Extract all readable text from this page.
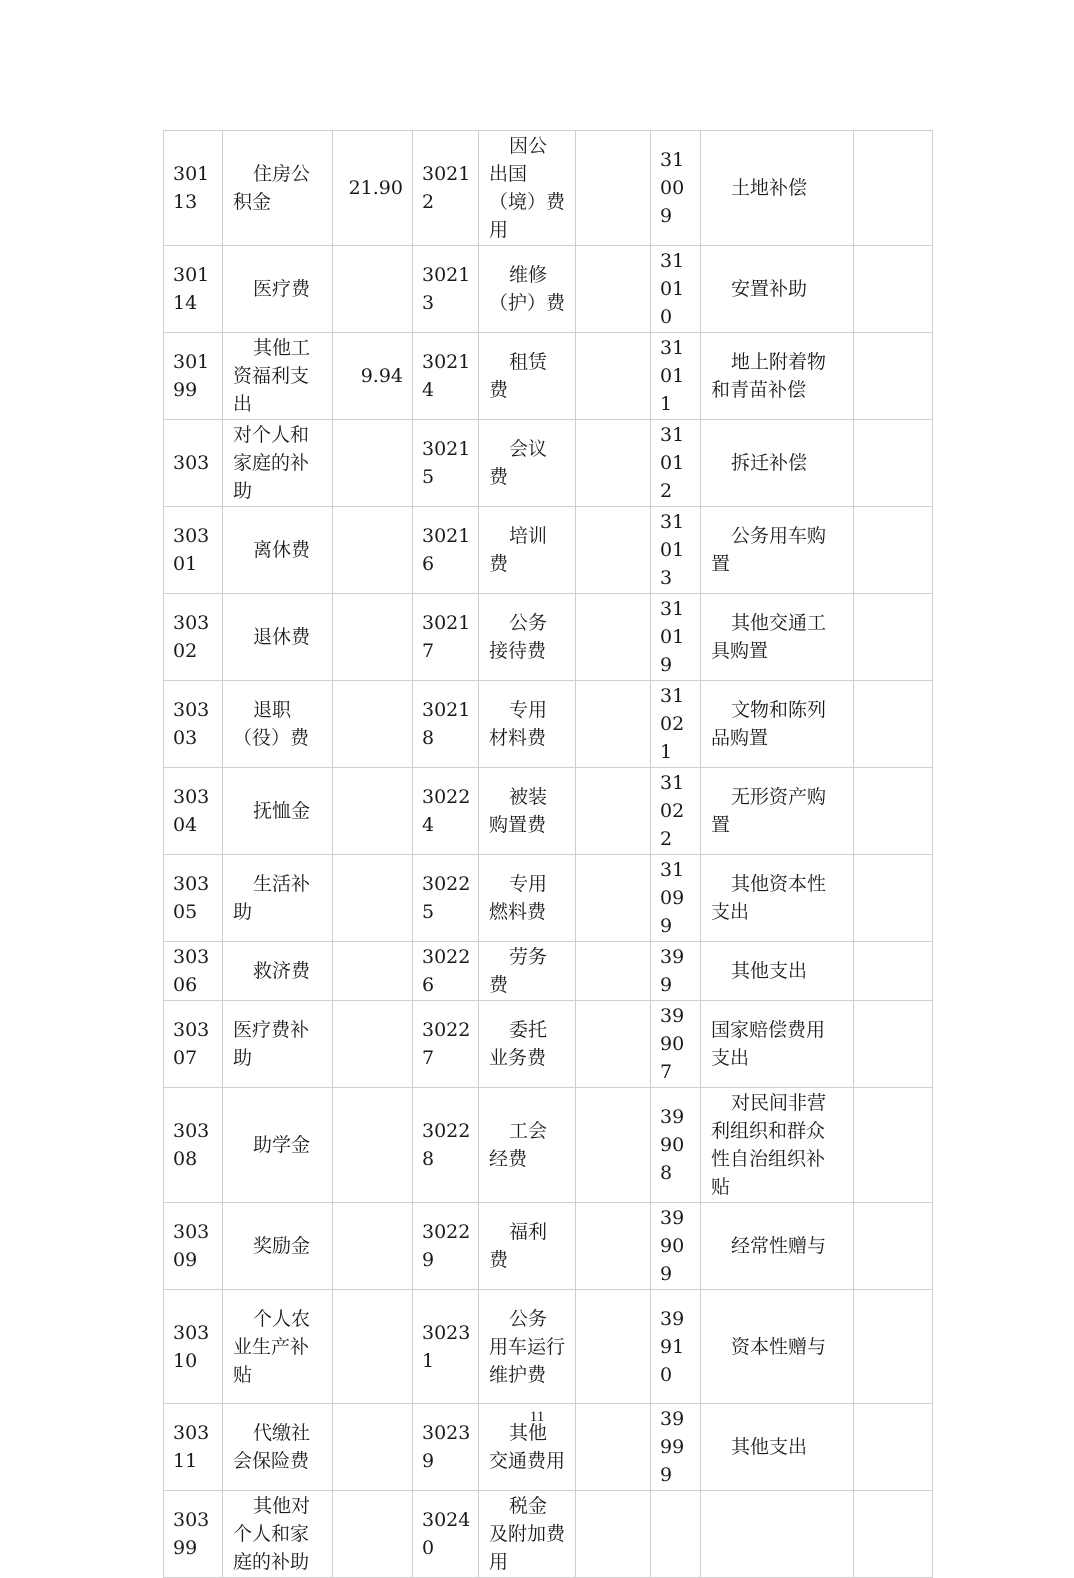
30113	住房公积金	21.90	30212	因公出国（境）费用		31009	土地补偿	
30114	医疗费		30213	维修（护）费		31010	安置补助	
30199	其他工资福利支出	9.94	30214	租赁费		31011	地上附着物和青苗补偿	
303	对个人和家庭的补助		30215	会议费		31012	拆迁补偿	
30301	离休费		30216	培训费		31013	公务用车购置	
30302	退休费		30217	公务接待费		31019	其他交通工具购置	
30303	退职（役）费		30218	专用材料费		31021	文物和陈列品购置	
30304	抚恤金		30224	被装购置费		31022	无形资产购置	
30305	生活补助		30225	专用燃料费		31099	其他资本性支出	
30306	救济费		30226	劳务费		399	其他支出	
30307	医疗费补助		30227	委托业务费		39907	国家赔偿费用支出	
30308	助学金		30228	工会经费		39908	对民间非营利组织和群众性自治组织补贴	
30309	奖励金		30229	福利费		39909	经常性赠与	
30310	个人农业生产补贴		30231	公务用车运行维护费		39910	资本性赠与	
30311	代缴社会保险费		30239	其他交通费用		39999	其他支出	
30399	其他对个人和家庭的补助		30240	税金及附加费用				
11
